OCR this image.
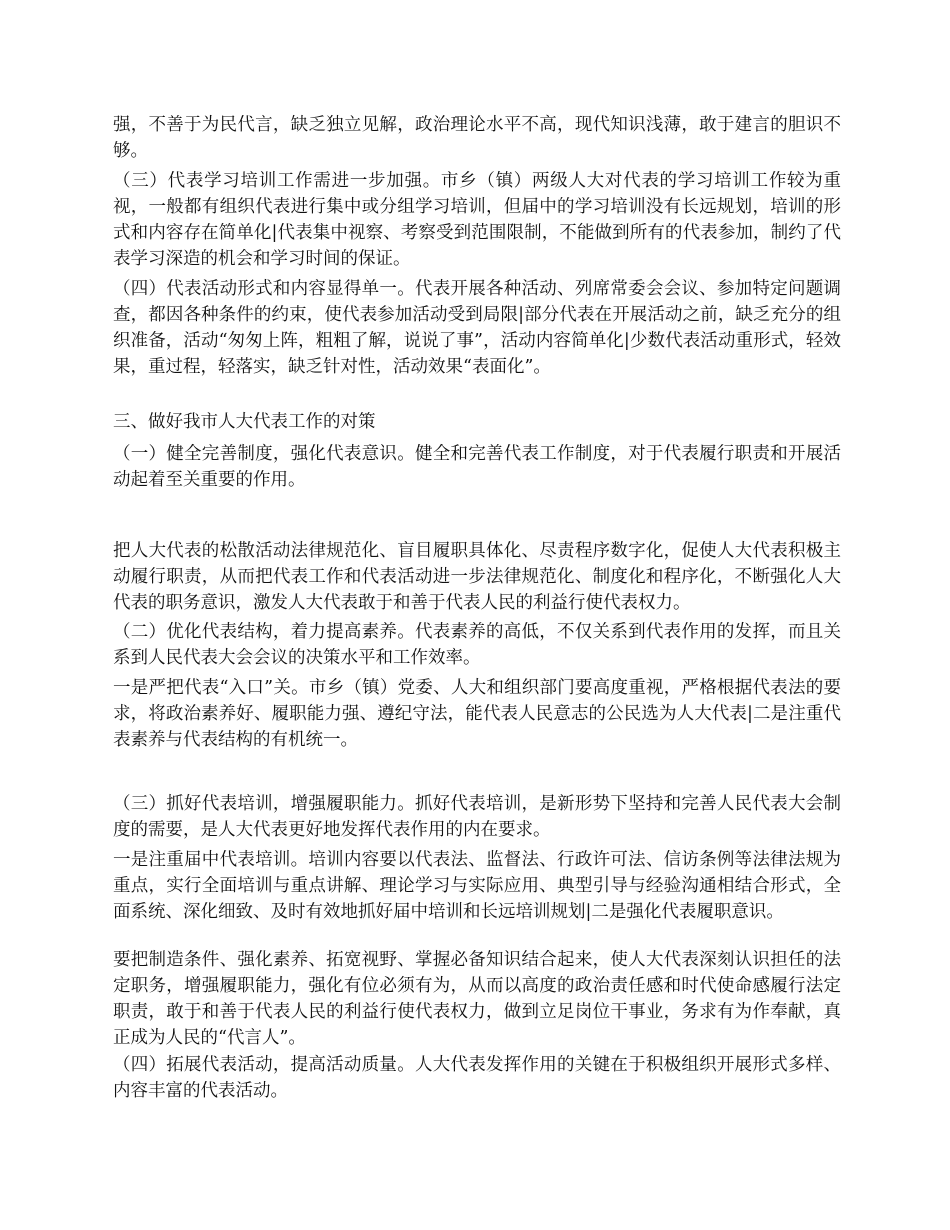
强，不善于为民代言，缺乏独立见解，政治理论水平不高，现代知识浅薄，敢于建言的胆识不够。

（三）代表学习培训工作需进一步加强。市乡（镇）两级人大对代表的学习培训工作较为重视，一般都有组织代表进行集中或分组学习培训，但届中的学习培训没有长远规划，培训的形式和内容存在简单化|代表集中视察、考察受到范围限制，不能做到所有的代表参加，制约了代表学习深造的机会和学习时间的保证。

（四）代表活动形式和内容显得单一。代表开展各种活动、列席常委会会议、参加特定问题调查，都因各种条件的约束，使代表参加活动受到局限|部分代表在开展活动之前，缺乏充分的组织准备，活动“匆匆上阵，粗粗了解，说说了事”，活动内容简单化|少数代表活动重形式，轻效果，重过程，轻落实，缺乏针对性，活动效果“表面化”。

三、做好我市人大代表工作的对策

（一）健全完善制度，强化代表意识。健全和完善代表工作制度，对于代表履行职责和开展活动起着至关重要的作用。

把人大代表的松散活动法律规范化、盲目履职具体化、尽责程序数字化，促使人大代表积极主动履行职责，从而把代表工作和代表活动进一步法律规范化、制度化和程序化，不断强化人大代表的职务意识，激发人大代表敢于和善于代表人民的利益行使代表权力。

（二）优化代表结构，着力提高素养。代表素养的高低，不仅关系到代表作用的发挥，而且关系到人民代表大会会议的决策水平和工作效率。

一是严把代表“入口”关。市乡（镇）党委、人大和组织部门要高度重视，严格根据代表法的要求，将政治素养好、履职能力强、遵纪守法，能代表人民意志的公民选为人大代表|二是注重代表素养与代表结构的有机统一。

（三）抓好代表培训，增强履职能力。抓好代表培训，是新形势下坚持和完善人民代表大会制度的需要，是人大代表更好地发挥代表作用的内在要求。

一是注重届中代表培训。培训内容要以代表法、监督法、行政许可法、信访条例等法律法规为重点，实行全面培训与重点讲解、理论学习与实际应用、典型引导与经验沟通相结合形式，全面系统、深化细致、及时有效地抓好届中培训和长远培训规划|二是强化代表履职意识。

要把制造条件、强化素养、拓宽视野、掌握必备知识结合起来，使人大代表深刻认识担任的法定职务，增强履职能力，强化有位必须有为，从而以高度的政治责任感和时代使命感履行法定职责，敢于和善于代表人民的利益行使代表权力，做到立足岗位干事业，务求有为作奉献，真正成为人民的“代言人”。

（四）拓展代表活动，提高活动质量。人大代表发挥作用的关键在于积极组织开展形式多样、内容丰富的代表活动。
